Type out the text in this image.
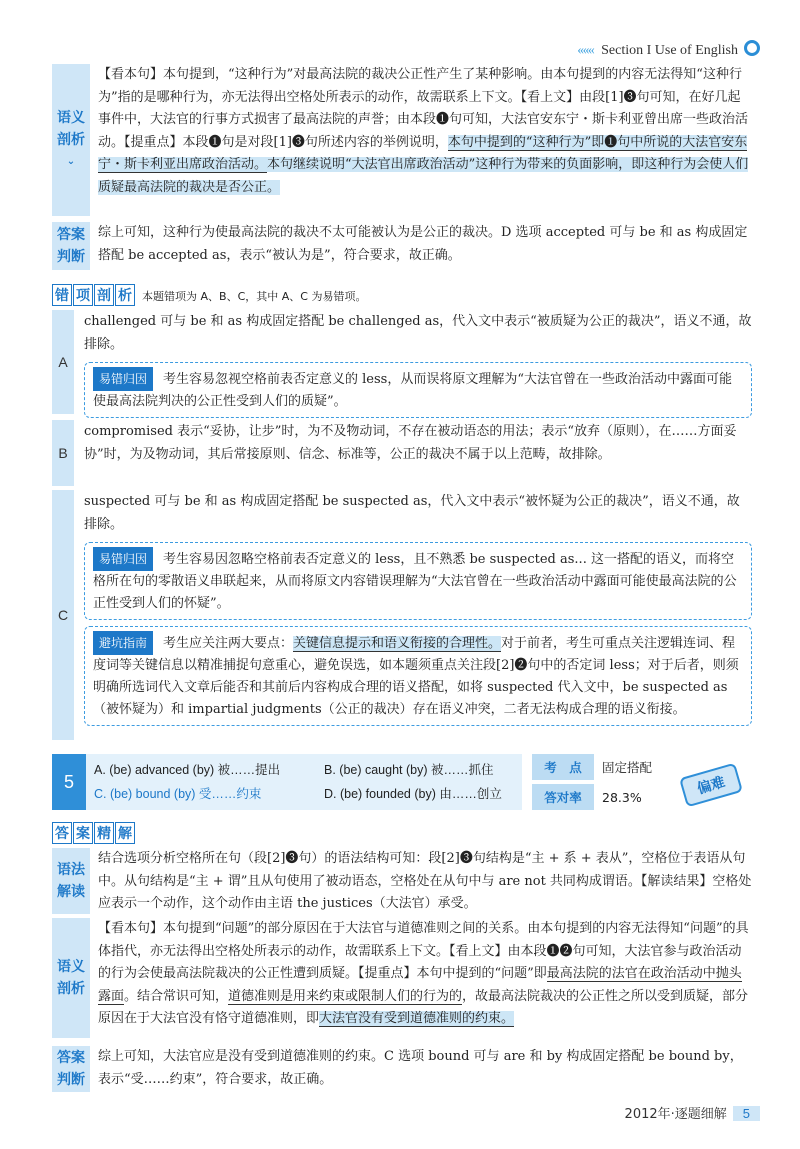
‹‹‹‹‹‹ Section I Use of English
语义
剖析
⌄
【看本句】本句提到，“这种行为”对最高法院的裁决公正性产生了某种影响。由本句提到的内容无法得知“这种行为”指的是哪种行为，亦无法得出空格处所表示的动作，故需联系上下文。【看上文】由段[1]❸句可知，在好几起事件中，大法官的行事方式损害了最高法院的声誉；由本段❶句可知，大法官安东宁・斯卡利亚曾出席一些政治活动。【提重点】本段❶句是对段[1]❸句所述内容的举例说明，本句中提到的“这种行为”即❶句中所说的大法官安东宁・斯卡利亚出席政治活动。本句继续说明“大法官出席政治活动”这种行为带来的负面影响，即这种行为会使人们质疑最高法院的裁决是否公正。
答案
判断
综上可知，这种行为使最高法院的裁决不太可能被认为是公正的裁决。D 选项 accepted 可与 be 和 as 构成固定搭配 be accepted as，表示“被认为是”，符合要求，故正确。
错 项 剖 析 本题错项为 A、B、C，其中 A、C 为易错项。
A
challenged 可与 be 和 as 构成固定搭配 be challenged as，代入文中表示“被质疑为公正的裁决”，语义不通，故排除。
易错归因 考生容易忽视空格前表否定意义的 less，从而误将原文理解为“大法官曾在一些政治活动中露面可能使最高法院判决的公正性受到人们的质疑”。
B
compromised 表示“妥协，让步”时，为不及物动词，不存在被动语态的用法；表示“放弃（原则），在……方面妥协”时，为及物动词，其后常接原则、信念、标准等，公正的裁决不属于以上范畴，故排除。
C
suspected 可与 be 和 as 构成固定搭配 be suspected as，代入文中表示“被怀疑为公正的裁决”，语义不通，故排除。
易错归因 考生容易因忽略空格前表否定意义的 less，且不熟悉 be suspected as... 这一搭配的语义，而将空格所在句的零散语义串联起来，从而将原文内容错误理解为“大法官曾在一些政治活动中露面可能使最高法院的公正性受到人们的怀疑”。
避坑指南 考生应关注两大要点：关键信息提示和语义衔接的合理性。对于前者，考生可重点关注逻辑连词、程度词等关键信息以精准捕捉句意重心，避免误选，如本题须重点关注段[2]❷句中的否定词 less；对于后者，则须明确所选词代入文章后能否和其前后内容构成合理的语义搭配，如将 suspected 代入文中，be suspected as（被怀疑为）和 impartial judgments（公正的裁决）存在语义冲突，二者无法构成合理的语义衔接。
5
A. (be) advanced (by) 被……提出	B. (be) caught (by) 被……抓住
C. (be) bound (by) 受……约束	D. (be) founded (by) 由……创立
考　点	固定搭配
答对率	28.3%	偏难
答 案 精 解
语法
解读
结合选项分析空格所在句（段[2]❸句）的语法结构可知：段[2]❸句结构是“主 + 系 + 表从”，空格位于表语从句中。从句结构是“主 + 谓”且从句使用了被动语态，空格处在从句中与 are not 共同构成谓语。【解读结果】空格处应表示一个动作，这个动作由主语 the justices（大法官）承受。
语义
剖析
【看本句】本句提到“问题”的部分原因在于大法官与道德准则之间的关系。由本句提到的内容无法得知“问题”的具体指代，亦无法得出空格处所表示的动作，故需联系上下文。【看上文】由本段❶❷句可知，大法官参与政治活动的行为会使最高法院裁决的公正性遭到质疑。【提重点】本句中提到的“问题”即最高法院的法官在政治活动中抛头露面。结合常识可知，道德准则是用来约束或限制人们的行为的，故最高法院裁决的公正性之所以受到质疑，部分原因在于大法官没有恪守道德准则，即大法官没有受到道德准则的约束。
答案
判断
综上可知，大法官应是没有受到道德准则的约束。C 选项 bound 可与 are 和 by 构成固定搭配 be bound by，表示“受……约束”，符合要求，故正确。
2012年·逐题细解 5
